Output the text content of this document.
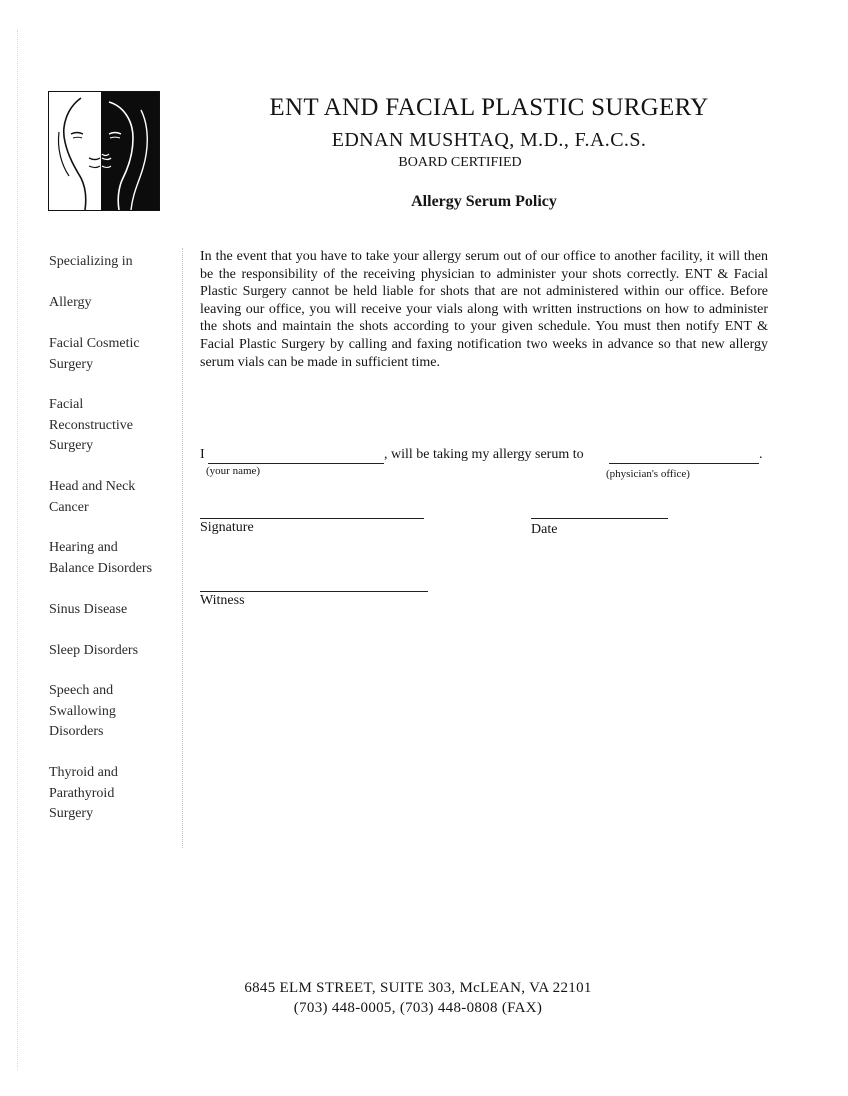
ENT AND FACIAL PLASTIC SURGERY
EDNAN MUSHTAQ, M.D., F.A.C.S.
BOARD CERTIFIED
Allergy Serum Policy
Specializing in
Allergy
Facial Cosmetic
Surgery
Facial
Reconstructive
Surgery
Head and Neck
Cancer
Hearing and
Balance Disorders
Sinus Disease
Sleep Disorders
Speech and
Swallowing
Disorders
Thyroid and
Parathyroid
Surgery
In the event that you have to take your allergy serum out of our office to another facility, it will then be the responsibility of the receiving physician to administer your shots correctly. ENT & Facial Plastic Surgery cannot be held liable for shots that are not administered within our office. Before leaving our office, you will receive your vials along with written instructions on how to administer the shots and maintain the shots according to your given schedule. You must then notify ENT & Facial Plastic Surgery by calling and faxing notification two weeks in advance so that new allergy serum vials can be made in sufficient time.
I	, will be taking my allergy serum to	.
(your name)	(physician's office)
Signature	Date
Witness
6845 ELM STREET, SUITE 303, McLEAN, VA 22101
(703) 448-0005, (703) 448-0808 (FAX)
